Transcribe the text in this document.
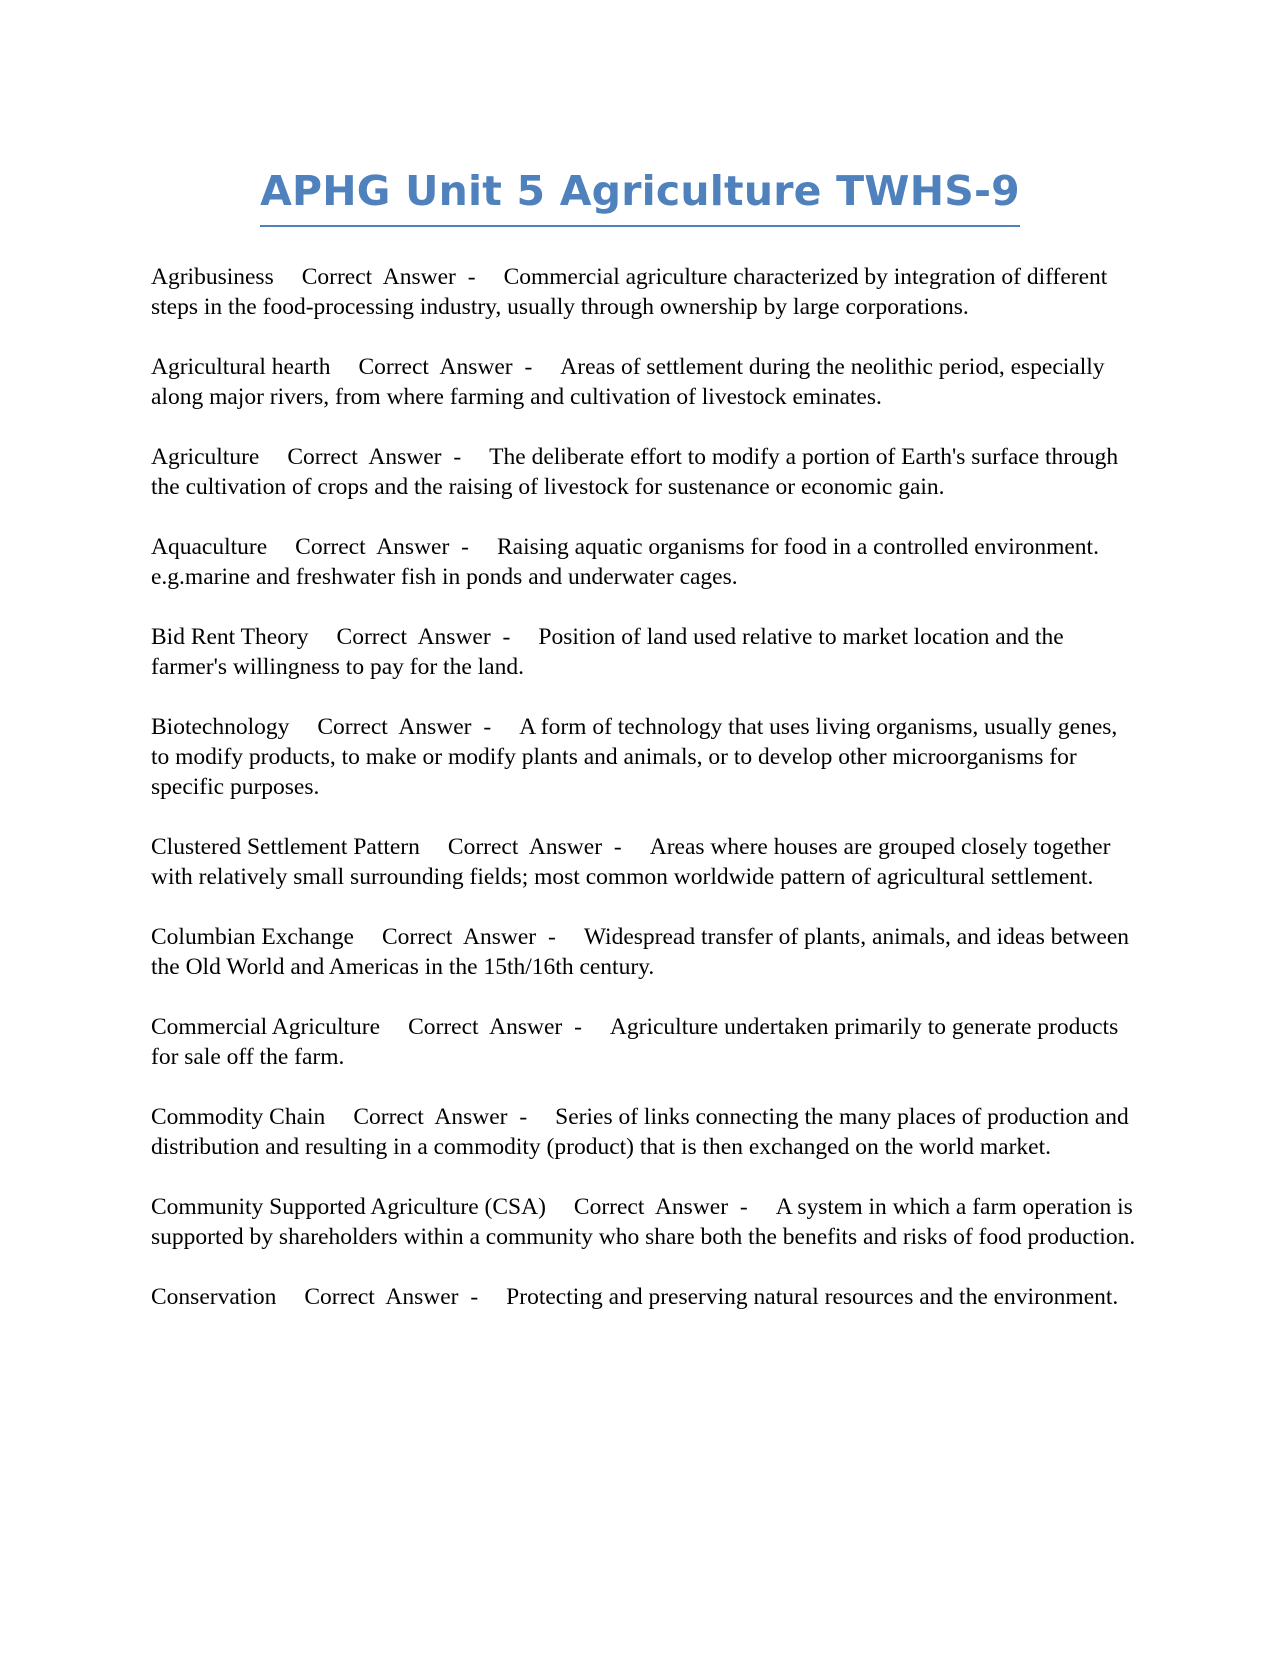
APHG Unit 5 Agriculture TWHS-9

Agribusiness Correct Answer - Commercial agriculture characterized by integration of different steps in the food-processing industry, usually through ownership by large corporations.

Agricultural hearth Correct Answer - Areas of settlement during the neolithic period, especially along major rivers, from where farming and cultivation of livestock eminates.

Agriculture Correct Answer - The deliberate effort to modify a portion of Earth's surface through the cultivation of crops and the raising of livestock for sustenance or economic gain.

Aquaculture Correct Answer - Raising aquatic organisms for food in a controlled environment. e.g.marine and freshwater fish in ponds and underwater cages.

Bid Rent Theory Correct Answer - Position of land used relative to market location and the farmer's willingness to pay for the land.

Biotechnology Correct Answer - A form of technology that uses living organisms, usually genes, to modify products, to make or modify plants and animals, or to develop other microorganisms for specific purposes.

Clustered Settlement Pattern Correct Answer - Areas where houses are grouped closely together with relatively small surrounding fields; most common worldwide pattern of agricultural settlement.

Columbian Exchange Correct Answer - Widespread transfer of plants, animals, and ideas between the Old World and Americas in the 15th/16th century.

Commercial Agriculture Correct Answer - Agriculture undertaken primarily to generate products for sale off the farm.

Commodity Chain Correct Answer - Series of links connecting the many places of production and distribution and resulting in a commodity (product) that is then exchanged on the world market.

Community Supported Agriculture (CSA) Correct Answer - A system in which a farm operation is supported by shareholders within a community who share both the benefits and risks of food production.

Conservation Correct Answer - Protecting and preserving natural resources and the environment.
